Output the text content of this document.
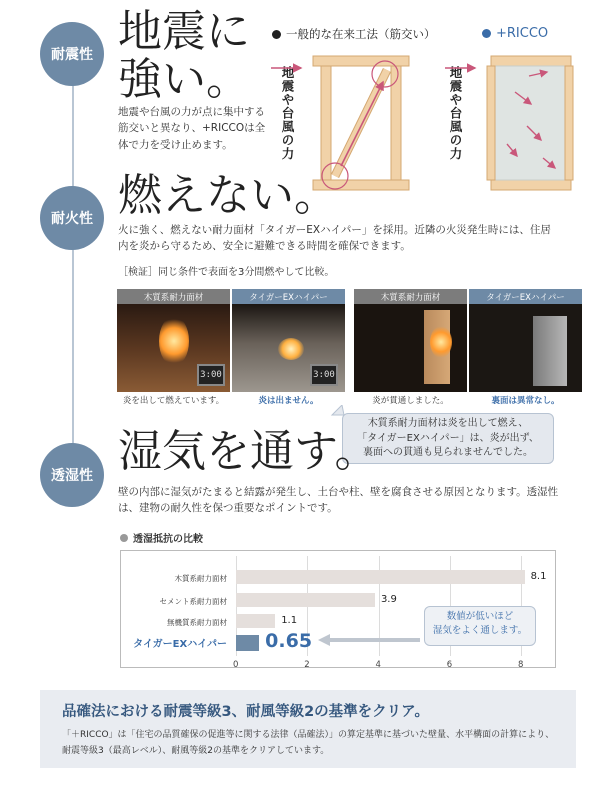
耐震性
耐火性
透湿性
地震に
強い。
地震や台風の力が点に集中する筋交いと異なり、+RICCOは全体で力を受け止めます。
一般的な在来工法（筋交い）	+RICCO
地震や台風の力	地震や台風の力
燃えない。
火に強く、燃えない耐力面材「タイガーEXハイパー」を採用。近隣の火災発生時には、住居内を炎から守るため、安全に避難できる時間を確保できます。
［検証］同じ条件で表面を3分間燃やして比較。
木質系耐力面材
3:00
炎を出して燃えています。
タイガーEXハイパー
3:00
炎は出ません。
木質系耐力面材
炎が貫通しました。
タイガーEXハイパー
裏面は異常なし。
木質系耐力面材は炎を出して燃え、
「タイガーEXハイパー」は、炎が出ず、
裏面への貫通も見られませんでした。
湿気を通す。
壁の内部に湿気がたまると結露が発生し、土台や柱、壁を腐食させる原因となります。透湿性は、建物の耐久性を保つ重要なポイントです。
透湿抵抗の比較
0	2	4	6	8
木質系耐力面材	8.1
セメント系耐力面材	3.9
無機質系耐力面材	1.1
タイガーEXハイパー 0.65
数値が低いほど
湿気をよく通します。
品確法における耐震等級3、耐風等級2の基準をクリア。
「＋RICCO」は「住宅の品質確保の促進等に関する法律（品確法）」の算定基準に基づいた壁量、水平構面の計算により、耐震等級3（最高レベル）、耐風等級2の基準をクリアしています。
